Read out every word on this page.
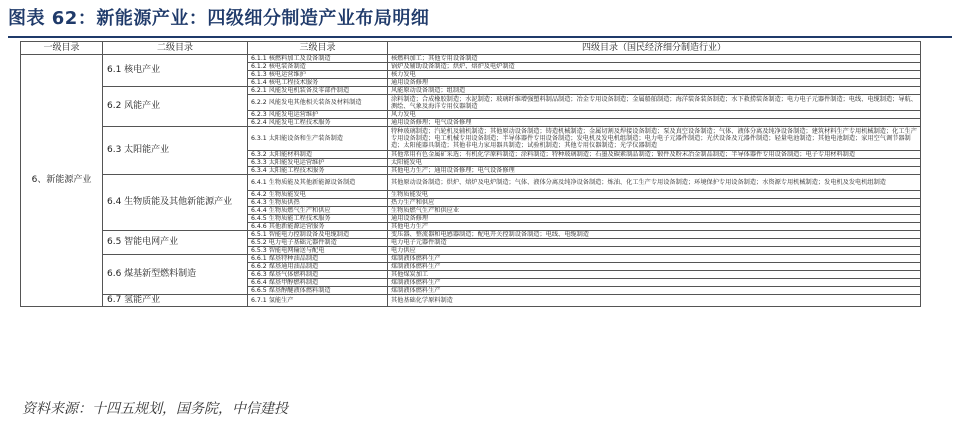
图表 62：新能源产业：四级细分制造产业布局明细
一级目录	二级目录	三级目录	四级目录（国民经济细分制造行业）
6、新能源产业	6.1 核电产业	6.1.1 核燃料加工及设备制造	核燃料加工；其他专用设备制造
		6.1.2 核电装备制造	锅炉及辅助设备制造；烘炉、熔炉及电炉制造
		6.1.3 核电运营维护	核力发电
		6.1.4 核电工程技术服务	通用设备修理
	6.2 风能产业	6.2.1 风能发电机装备及零部件制造	风能原动设备制造；组制造
		6.2.2 风能发电其他相关装备及材料制造	涂料制造；合成橡胶制造；水泥制造；玻璃纤维增强塑料制品制造；冶金专用设备制造；金属船舶制造；海洋装备装备制造；水下救捞装备制造；电力电子元器件制造；电线、电缆制造；导航、测绘、气象及海洋专用仪器制造
		6.2.3 风能发电运营维护	风力发电
		6.2.4 风能发电工程技术服务	通用设备修理；电气设备修理
	6.3 太阳能产业	6.3.1 太阳能设备和生产装备制造	特种玻璃制造；汽轮机及辅机制造；其他原动设备制造；铸造机械制造；金属切割及焊接设备制造；泵及真空设备制造；气体、液体分离及纯净设备制造；建筑材料生产专用机械制造；化工生产专用设备制造；电工机械专用设备制造；半导体器件专用设备制造；发电机及发电机组制造；电力电子元器件制造；光伏设备及元器件制造；轻量电池制造；其他电池制造；家用空气调节器制造；太阳能器具制造；其他非电力家用器具制造；试验机制造；其他专用仪器制造；光学仪器制造
		6.3.2 太阳能材料制造	其他常用有色金属矿采选；有机化学原料制造；涂料制造；特种玻璃制造；石墨及碳素制品制造；锻件及粉末冶金制品制造；半导体器件专用设备制造；电子专用材料制造
		6.3.3 太阳能发电运营维护	太阳能发电
		6.3.4 太阳能工程技术服务	其他电力生产；通用设备修理；电气设备修理
	6.4 生物质能及其他新能源产业	6.4.1 生物质能及其他新能源设备制造	其他原动设备制造；烘炉、熔炉及电炉制造；气体、液体分离及纯净设备制造；炼油、化工生产专用设备制造；环境保护专用设备制造；水资源专用机械制造；发电机及发电机组制造
		6.4.2 生物质能发电	生物质能发电
		6.4.3 生物质供热	热力生产和供应
		6.4.4 生物质燃气生产和供应	生物质燃气生产和供应业
		6.4.5 生物质能工程技术服务	通用设备修理
		6.4.6 其他新能源运营服务	其他电力生产
	6.5 智能电网产业	6.5.1 智能电力控制设备及电缆制造	变压器、整流器和电感器制造；配电开关控制设备制造；电线、电缆制造
		6.5.2 电力电子基础元器件制造	电力电子元器件制造
		6.5.3 智能电网输送与配电	电力供应
	6.6 煤基新型燃料制造	6.6.1 煤基特种油品制造	煤制液体燃料生产
		6.6.2 煤基通用油品制造	煤制液体燃料生产
		6.6.3 煤基气体燃料制造	其他煤炭加工
		6.6.4 煤基甲醇燃料制造	煤制液体燃料生产
		6.6.5 煤基醇醚液体燃料制造	煤制液体燃料生产
	6.7 氢能产业	6.7.1 氢能生产	其他基础化学原料制造
资料来源：十四五规划，国务院，中信建投
